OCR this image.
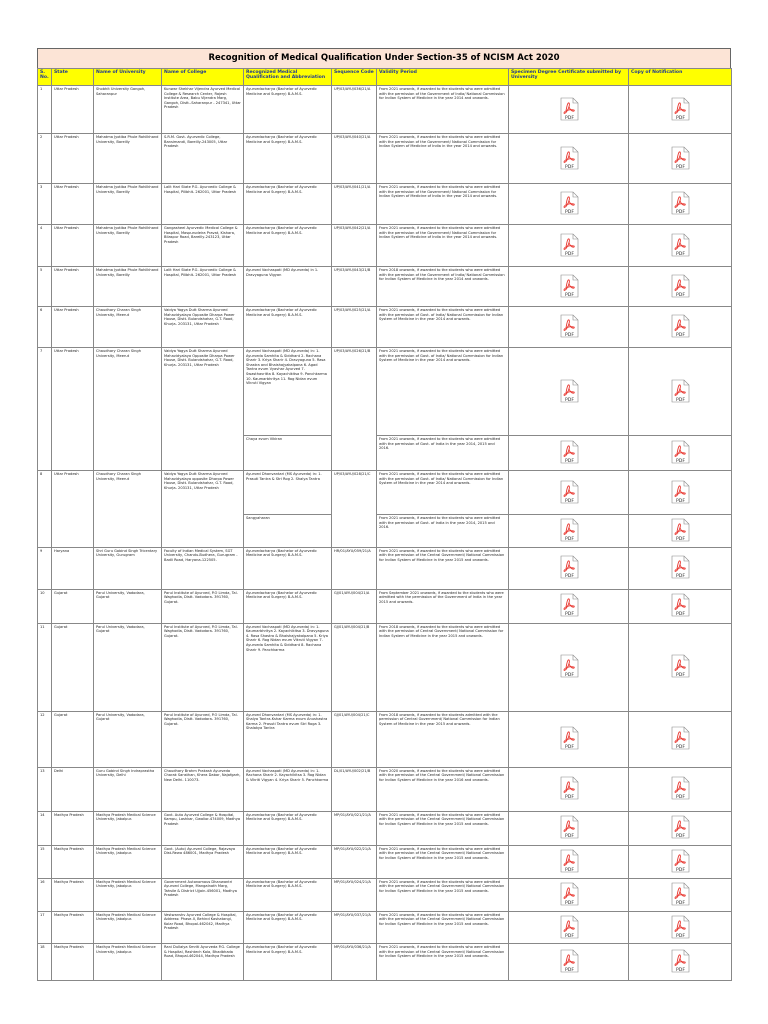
Recognition of Medical Qualification Under Section-35 of NCISM Act 2020
S. No.	State	Name of University	Name of College	Recognized Medical Qualification and Abbreviation	Sequence Code	Validity Period	Specimen Degree Certificate submitted by University	Copy of Notification
1	Uttar Pradesh	Shobhit University Gangoh, Saharanpur	Kunwar Shekhar Vijendra Ayurved Medical College & Research Center, Rajesh Institute Area, Babu Vijendra Marg, Gangoh, Distt.-Saharanpur - 247341, Uttar Pradesh	Ayurvedacharya (Bachelor of Ayurvedic Medicine and Surgery) B.A.M.S.	UP/03/AYU/036/21/A	From 2021 onwards, if awarded to the students who were admitted with the permission of the Government of India/ National Commission for Indian System of Medicine in the year 2014 and onwards.	PDF	PDF

2	Uttar Pradesh	Mahatma Jyotiba Phule Rohilkhand University, Bareilly	S.R.M. Govt. Ayurvedic College, Bansimandi, Bareilly-243005, Uttar Pradesh	Ayurvedacharya (Bachelor of Ayurvedic Medicine and Surgery) B.A.M.S.	UP/03/AYU/040/21/A	From 2021 onwards, if awarded to the students who were admitted with the permission of the Government/ National Commission for Indian System of Medicine of India in the year 2014 and onwards.	PDF	PDF

3	Uttar Pradesh	Mahatma Jyotiba Phule Rohilkhand University, Bareilly	Lalit Hari State P.G. Ayurvedic College & Hospital, Pilibhit- 262001, Uttar Pradesh	Ayurvedacharya (Bachelor of Ayurvedic Medicine and Surgery) B.A.M.S.	UP/03/AYU/041/21/A	From 2021 onwards, if awarded to the students who were admitted with the permission of the Government/ National Commission for Indian System of Medicine of India in the year 2014 and onwards.	PDF	PDF

4	Uttar Pradesh	Mahatma Jyotiba Phule Rohilkhand University, Bareilly	Gangasheel Ayurvedic Medical College & Hospital, Maspurudeira Pravat, Kishara, Bilaspur Road, Bareilly-243123, Uttar Pradesh	Ayurvedacharya (Bachelor of Ayurvedic Medicine and Surgery) B.A.M.S.	UP/03/AYU/042/21/A	From 2021 onwards, if awarded to the students who were admitted with the permission of the Government/ National Commission for Indian System of Medicine of India in the year 2014 and onwards.	PDF	PDF

5	Uttar Pradesh	Mahatma Jyotiba Phule Rohilkhand University, Bareilly	Lalit Hari State P.G. Ayurvedic College & Hospital, Pilibhit- 262001, Uttar Pradesh	Ayurved Vachaspati (MD Ayurveda) in 1. Dravyaguna Vigyan	UP/03/AYU/043/21/B	From 2018 onwards, if awarded to the students who were admitted with the permission of the Government of India/ National Commission for Indian System of Medicine in the year 2014 and onwards.	PDF	PDF

6	Uttar Pradesh	Chaudhary Charan Singh University, Meerut	Vaidya Yagya Dutt Sharma Ayurved Mahavidyalaya Opposite Dharpa Power House, Distt. Bulandshahar, G.T. Road, Khurja- 203131, Uttar Pradesh	Ayurvedacharya (Bachelor of Ayurvedic Medicine and Surgery) B.A.M.S.	UP/03/AYU/025/21/A	From 2021 onwards, if awarded to the students who were admitted with the permission of Govt. of India/ National Commission for Indian System of Medicine in the year 2014 and onwards.	PDF	PDF

7	Uttar Pradesh	Chaudhary Charan Singh University, Meerut	Vaidya Yagya Dutt Sharma Ayurved Mahavidyalaya Opposite Dharpa Power House, Distt. Bulandshahar, G.T. Road, Khurja- 203131, Uttar Pradesh	Ayurved Vachaspati (MD Ayurveda) in: 1. Ayurveda Samhita & Siddhant 2. Rachana Sharir 3. Kriya Sharir 4. Dravyaguna 5. Rasa Shastra and Bhaishajyakalpana 6. Agad Tantra evum Vyavhar Ayurved 7. Swasthavritta 8. Kayachikitsa 9. Panchkarma 10. Kaumarbhritya 11. Rog Nidan evum Vikruti Vigyan	UP/03/AYU/026/21/B	From 2021 onwards, if awarded to the students who were admitted with the permission of Govt. of India/ National Commission for Indian System of Medicine in the year 2014 and onwards.	PDF	PDF

				Chaya evum Vikiran		From 2021 onwards, if awarded to the students who were admitted with the permission of Govt. of India in the year 2014, 2015 and 2016.	PDF	PDF

8	Uttar Pradesh	Chaudhary Charan Singh University, Meerut	Vaidya Yagya Dutt Sharma Ayurved Mahavidyalaya opposite Dharpa Power House, Distt. Bulandshahar, G.T. Road, Khurja- 203131, Uttar Pradesh	Ayurved Dhanvantari (MS Ayurveda) in: 1. Prasuti Tantra & Stri Rog 2. Shalya Tantra	UP/03/AYU/028/21/C	From 2021 onwards, if awarded to the students who were admitted with the permission of Govt. of India/ National Commission for Indian System of Medicine in the year 2014 and onwards.	PDF	PDF

				Sangyaharan		From 2021 onwards, if awarded to the students who were admitted with the permission of Govt. of India in the year 2014, 2015 and 2016.	PDF	PDF

9	Haryana	Shri Guru Gobind Singh Tricentary University, Gurugram	Faculty of Indian Medical System, SGT University, Chandu-Budhera, Gurugram - Badli Road, Haryana-122505.	Ayurvedacharya (Bachelor of Ayurvedic Medicine and Surgery) B.A.M.S.	HR/01/AYU/059/21/A	From 2021 onwards, if awarded to the students who were admitted with the permission of the Central Government/ National Commission for Indian System of Medicine in the year 2015 and onwards.	PDF	PDF

10	Gujarat	Parul University, Vadodara, Gujarat	Parul Institute of Ayurved, P.O Limda, Tal. Waghodia, Distt. Vadodara- 391760, Gujarat.	Ayurvedacharya (Bachelor of Ayurvedic Medicine and Surgery) B.A.M.S.	GJ/01/AYU/004/21/A	From September 2021 onwards, if awarded to the students who were admitted with the permission of the Government of India in the year 2015 and onwards.	PDF	PDF

11	Gujarat	Parul University, Vadodara, Gujarat	Parul Institute of Ayurved, P.O Limda, Tal. Waghodia, Distt. Vadodara- 391760, Gujarat.	Ayurved Vachaspati (MD Ayurveda) in: 1. Kaumarbhritya 2. Kayachikitsa 3. Dravyaguna 4. Rasa Shastra & Bhaishajyakalpana 5. Kriya Sharir 6. Rog Nidan evum Vikruti Vigyan 7. Ayurveda Samhita & Siddhant 8. Rachana Sharir 9. Panchkarma	GJ/01/AYU/004/21/B	From 2018 onwards, if awarded to the students who were admitted with the permission of Central Government/ National Commission for Indian System of Medicine in the year 2015 and onwards.	PDF	PDF

12	Gujarat	Parul University, Vadodara, Gujarat	Parul Institute of Ayurved, P.O Limda, Tal. Waghodia, Distt. Vadodara- 391760, Gujarat.	Ayurved Dhanvantari (MS Ayurveda) in: 1. Shalya Tantra-Kshar Karma evum Anushastra Karma 2. Prasuti Tantra evum Stri Roga 3. Shalakya Tantra	GJ/01/AYU/004/21/C	From 2018 onwards, if awarded to the students admitted with the permission of Central Government/ National Commission for Indian System of Medicine in the year 2015 and onwards.	PDF	PDF

13	Delhi	Guru Gobind Singh Indraprastha University, Delhi	Chaudhary Brahm Prakash Ayurveda Charak Sansthan, Khera Dabar, Najafgarh, New Delhi- 110073.	Ayurved Vachaspati (MD Ayurveda) in: 1. Rachana Sharir 2. Kayachikitsa 3. Rog Nidan & Vikriti Vigyan 4. Kriya Sharir 5. Panchkarma	DL/01/AYU/002/21/B	From 2020 onwards, if awarded to the students who were admitted with the permission of the Central Government/ National Commission for Indian System of Medicine in the year 2016 and onwards.	PDF	PDF

14	Madhya Pradesh	Madhya Pradesh Medical Science University, Jabalpur.	Govt. Auto Ayurved College & Hospital, Kampu, Lashkar, Gwalior-474009, Madhya Pradesh	Ayurvedacharya (Bachelor of Ayurvedic Medicine and Surgery) B.A.M.S.	MP/01/AYU/021/21/A	From 2021 onwards, if awarded to the students who were admitted with the permission of the Central Government/ National Commission for Indian System of Medicine in the year 2015 and onwards.	PDF	PDF

15	Madhya Pradesh	Madhya Pradesh Medical Science University, Jabalpur.	Govt. (Auto) Ayurved College, Rajavaya Dist-Rewa 486001, Madhya Pradesh	Ayurvedacharya (Bachelor of Ayurvedic Medicine and Surgery) B.A.M.S.	MP/01/AYU/022/21/A	From 2021 onwards, if awarded to the students who were admitted with the permission of the Central Government/ National Commission for Indian System of Medicine in the year 2015 and onwards.	PDF	PDF

16	Madhya Pradesh	Madhya Pradesh Medical Science University, Jabalpur.	Government Autonomous Dhanwantri Ayurved College, Mangalnath Marg, Tahsile & District Ujjain-456001, Madhya Pradesh	Ayurvedacharya (Bachelor of Ayurvedic Medicine and Surgery) B.A.M.S.	MP/01/AYU/024/21/A	From 2021 onwards, if awarded to the students who were admitted with the permission of the Central Government/ National Commission for Indian System of Medicine in the year 2015 and onwards.	PDF	PDF

17	Madhya Pradesh	Madhya Pradesh Medical Science University, Jabalpur.	Vestwanshv Ayurved College & Hospital, Address: Phase-II, Behind Kashatangi, Kolar Road, Bhopal-462042, Madhya Pradesh	Ayurvedacharya (Bachelor of Ayurvedic Medicine and Surgery) B.A.M.S.	MP/01/AYU/037/21/A	From 2021 onwards, if awarded to the students who were admitted with the permission of the Central Government/ National Commission for Indian System of Medicine in the year 2015 and onwards.	PDF	PDF

18	Madhya Pradesh	Madhya Pradesh Medical Science University, Jabalpur.	Rani Dullaiya Smriti Ayurveda P.G. College & Hospital, Rashtech Kola, Bhadbhada Road, Bhopal-462044, Madhya Pradesh	Ayurvedacharya (Bachelor of Ayurvedic Medicine and Surgery) B.A.M.S.	MP/01/AYU/036/21/A	From 2021 onwards, if awarded to the students who were admitted with the permission of the Central Government/ National Commission for Indian System of Medicine in the year 2015 and onwards.	PDF	PDF
